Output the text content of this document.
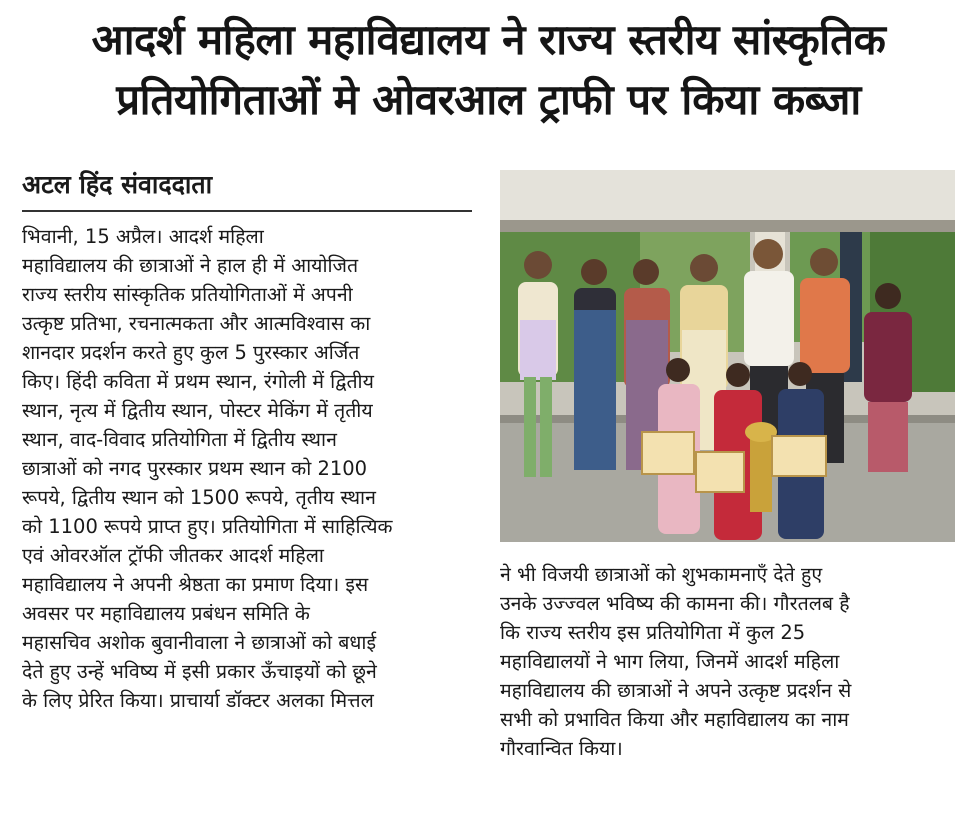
आदर्श महिला महाविद्यालय ने राज्य स्तरीय सांस्कृतिक
प्रतियोगिताओं मे ओवरआल ट्राफी पर किया कब्जा
अटल हिंद संवाददाता
भिवानी, 15 अप्रैल। आदर्श महिला
महाविद्यालय की छात्राओं ने हाल ही में आयोजित
राज्य स्तरीय सांस्कृतिक प्रतियोगिताओं में अपनी
उत्कृष्ट प्रतिभा, रचनात्मकता और आत्मविश्वास का
शानदार प्रदर्शन करते हुए कुल 5 पुरस्कार अर्जित
किए। हिंदी कविता में प्रथम स्थान, रंगोली में द्वितीय
स्थान, नृत्य में द्वितीय स्थान, पोस्टर मेकिंग में तृतीय
स्थान, वाद-विवाद प्रतियोगिता में द्वितीय स्थान
छात्राओं को नगद पुरस्कार प्रथम स्थान को 2100
रूपये, द्वितीय स्थान को 1500 रूपये, तृतीय स्थान
को 1100 रूपये प्राप्त हुए। प्रतियोगिता में साहित्यिक
एवं ओवरऑल ट्रॉफी जीतकर आदर्श महिला
महाविद्यालय ने अपनी श्रेष्ठता का प्रमाण दिया। इस
अवसर पर महाविद्यालय प्रबंधन समिति के
महासचिव अशोक बुवानीवाला ने छात्राओं को बधाई
देते हुए उन्हें भविष्य में इसी प्रकार ऊँचाइयों को छूने
के लिए प्रेरित किया। प्राचार्या डॉक्टर अलका मित्तल
ने भी विजयी छात्राओं को शुभकामनाएँ देते हुए
उनके उज्ज्वल भविष्य की कामना की। गौरतलब है
कि राज्य स्तरीय इस प्रतियोगिता में कुल 25
महाविद्यालयों ने भाग लिया, जिनमें आदर्श महिला
महाविद्यालय की छात्राओं ने अपने उत्कृष्ट प्रदर्शन से
सभी को प्रभावित किया और महाविद्यालय का नाम
गौरवान्वित किया।
